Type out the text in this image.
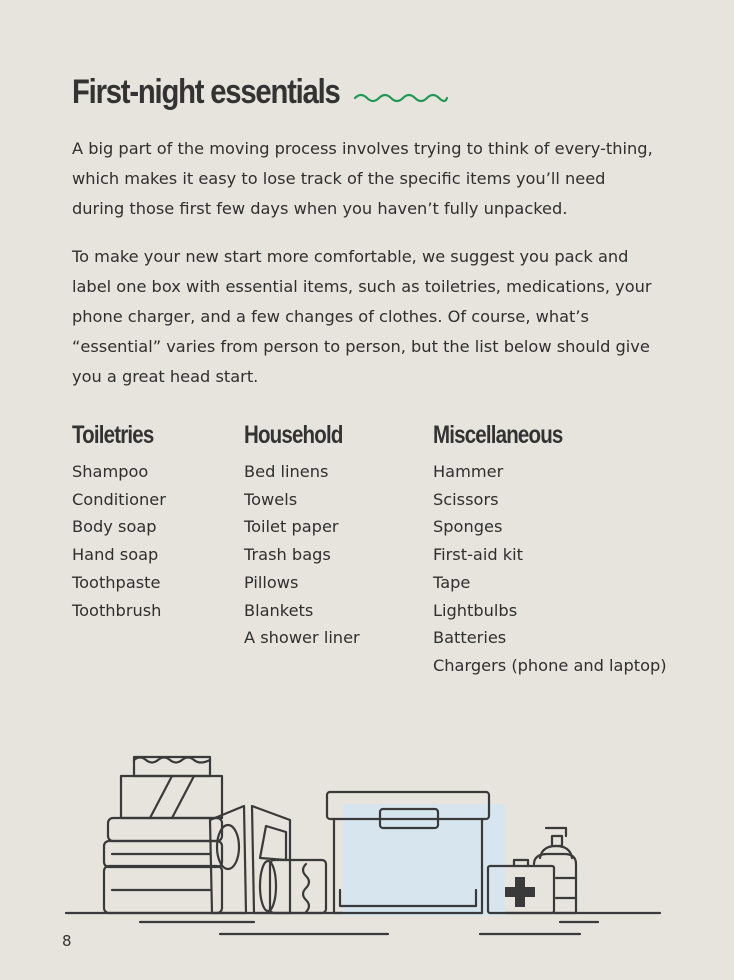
First-night essentials

A big part of the moving process involves trying to think of every-thing, which makes it easy to lose track of the specific items you’ll need during those first few days when you haven’t fully unpacked.

To make your new start more comfortable, we suggest you pack and label one box with essential items, such as toiletries, medications, your phone charger, and a few changes of clothes. Of course, what’s “essential” varies from person to person, but the list below should give you a great head start.

Toiletries
Shampoo
Conditioner
Body soap
Hand soap
Toothpaste
Toothbrush
Household
Bed linens
Towels
Toilet paper
Trash bags
Pillows
Blankets
A shower liner
Miscellaneous
Hammer
Scissors
Sponges
First-aid kit
Tape
Lightbulbs
Batteries
Chargers (phone and laptop)
8
